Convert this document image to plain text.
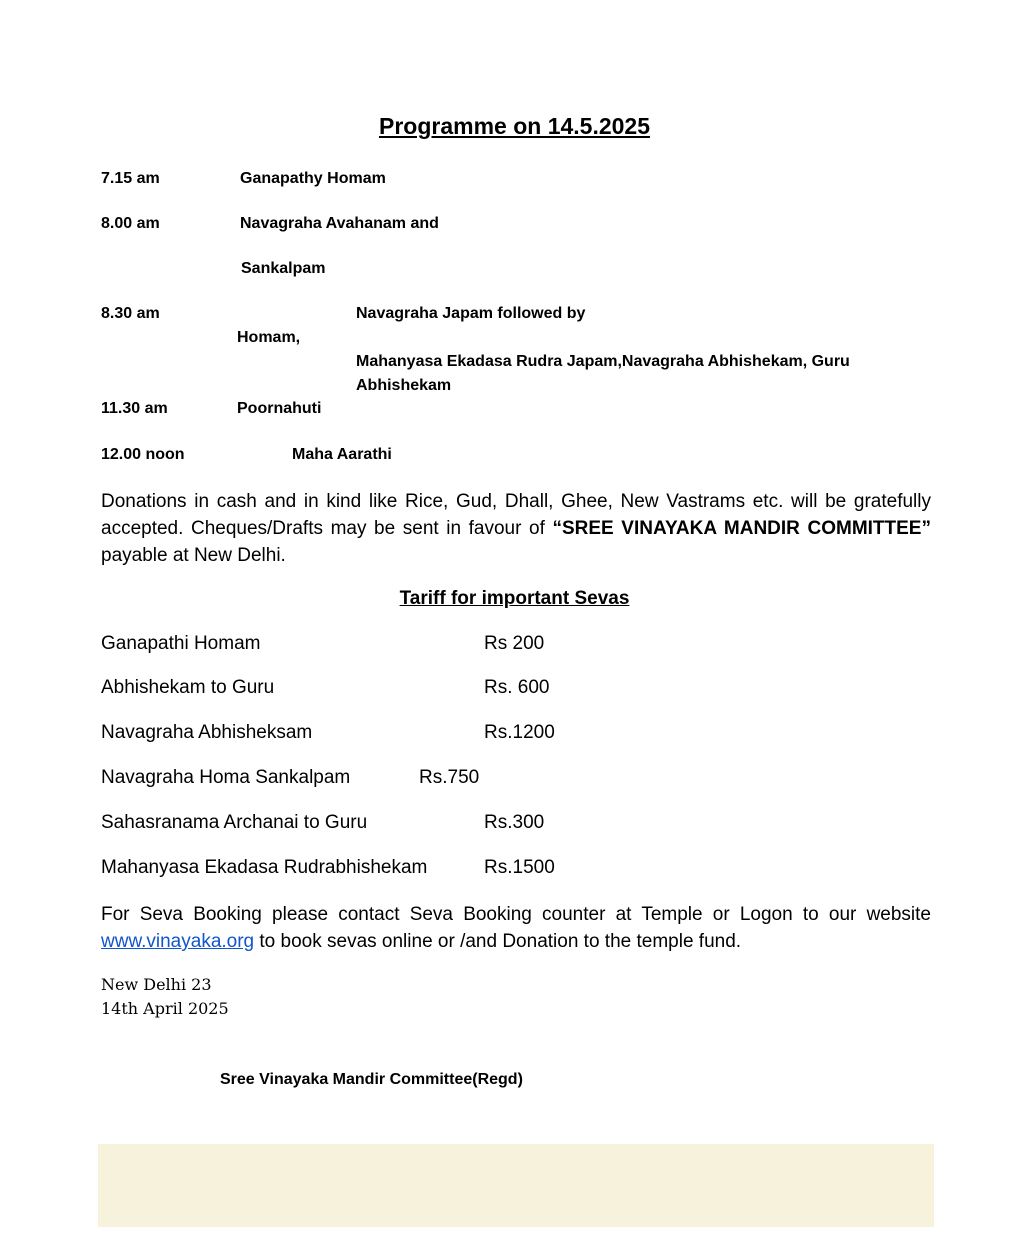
Programme on 14.5.2025
7.15 am	Ganapathy Homam
8.00 am	Navagraha Avahanam and
Sankalpam
8.30 am	Navagraha Japam followed by
Homam,
Mahanyasa Ekadasa Rudra Japam,Navagraha Abhishekam, Guru
Abhishekam
11.30 am	Poornahuti
12.00 noon	Maha Aarathi
Donations in cash and in kind like Rice, Gud, Dhall, Ghee, New Vastrams etc. will be gratefully accepted. Cheques/Drafts may be sent in favour of “SREE VINAYAKA MANDIR COMMITTEE” payable at New Delhi.
Tariff for important Sevas
Ganapathi Homam	Rs 200
Abhishekam to Guru	Rs. 600
Navagraha Abhisheksam	Rs.1200
Navagraha Homa Sankalpam	Rs.750
Sahasranama Archanai to Guru	Rs.300
Mahanyasa Ekadasa Rudrabhishekam	Rs.1500
For Seva Booking please contact Seva Booking counter at Temple or Logon to our website www.vinayaka.org to book sevas online or /and Donation to the temple fund.
New Delhi 23
14th April 2025
Sree Vinayaka Mandir Committee(Regd)
